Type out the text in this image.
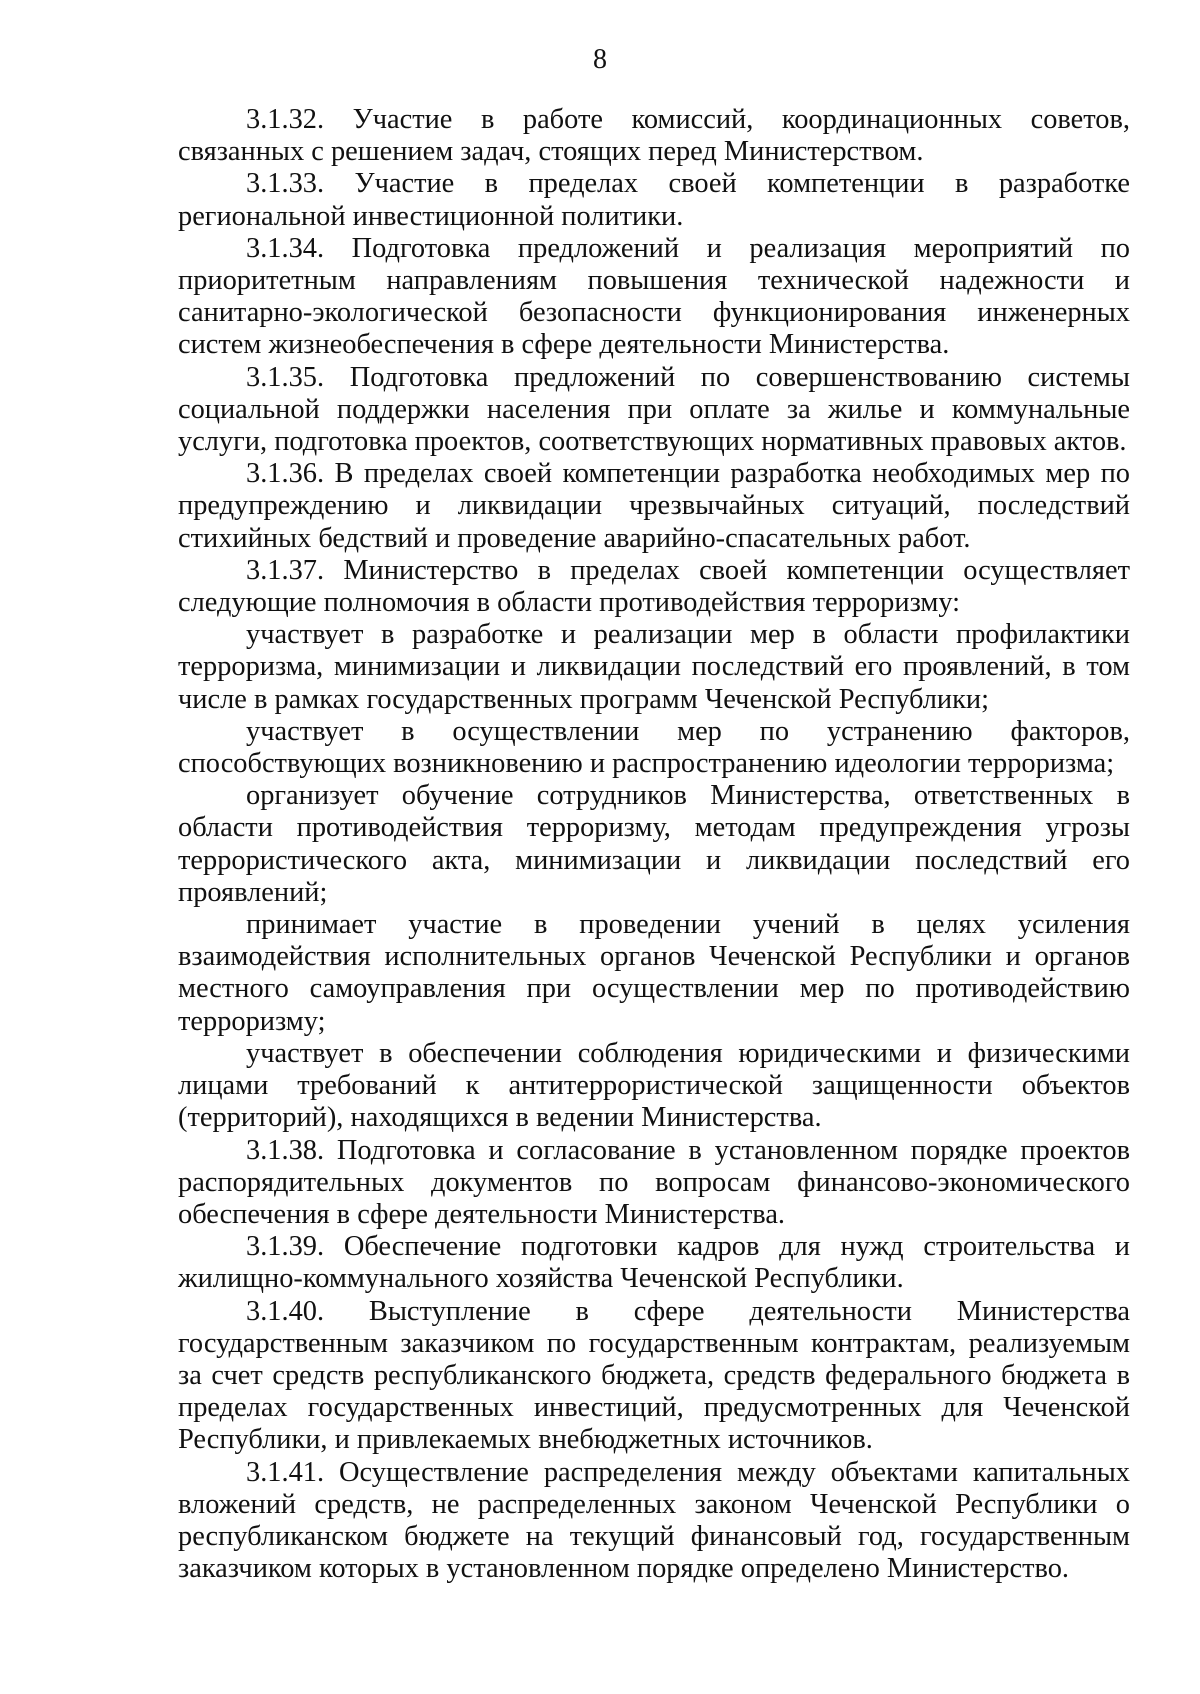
8

3.1.32. Участие в работе комиссий, координационных советов, связанных с решением задач, стоящих перед Министерством.

3.1.33. Участие в пределах своей компетенции в разработке региональной инвестиционной политики.

3.1.34. Подготовка предложений и реализация мероприятий по приоритетным направлениям повышения технической надежности и санитарно-экологической безопасности функционирования инженерных систем жизнеобеспечения в сфере деятельности Министерства.

3.1.35. Подготовка предложений по совершенствованию системы социальной поддержки населения при оплате за жилье и коммунальные услуги, подготовка проектов, соответствующих нормативных правовых актов.

3.1.36. В пределах своей компетенции разработка необходимых мер по предупреждению и ликвидации чрезвычайных ситуаций, последствий стихийных бедствий и проведение аварийно-спасательных работ.

3.1.37. Министерство в пределах своей компетенции осуществляет следующие полномочия в области противодействия терроризму:

участвует в разработке и реализации мер в области профилактики терроризма, минимизации и ликвидации последствий его проявлений, в том числе в рамках государственных программ Чеченской Республики;

участвует в осуществлении мер по устранению факторов, способствующих возникновению и распространению идеологии терроризма;

организует обучение сотрудников Министерства, ответственных в области противодействия терроризму, методам предупреждения угрозы террористического акта, минимизации и ликвидации последствий его проявлений;

принимает участие в проведении учений в целях усиления взаимодействия исполнительных органов Чеченской Республики и органов местного самоуправления при осуществлении мер по противодействию терроризму;

участвует в обеспечении соблюдения юридическими и физическими лицами требований к антитеррористической защищенности объектов (территорий), находящихся в ведении Министерства.

3.1.38. Подготовка и согласование в установленном порядке проектов распорядительных документов по вопросам финансово-экономического обеспечения в сфере деятельности Министерства.

3.1.39. Обеспечение подготовки кадров для нужд строительства и жилищно-коммунального хозяйства Чеченской Республики.

3.1.40. Выступление в сфере деятельности Министерства государственным заказчиком по государственным контрактам, реализуемым за счет средств республиканского бюджета, средств федерального бюджета в пределах государственных инвестиций, предусмотренных для Чеченской Республики, и привлекаемых внебюджетных источников.

3.1.41. Осуществление распределения между объектами капитальных вложений средств, не распределенных законом Чеченской Республики о республиканском бюджете на текущий финансовый год, государственным заказчиком которых в установленном порядке определено Министерство.
